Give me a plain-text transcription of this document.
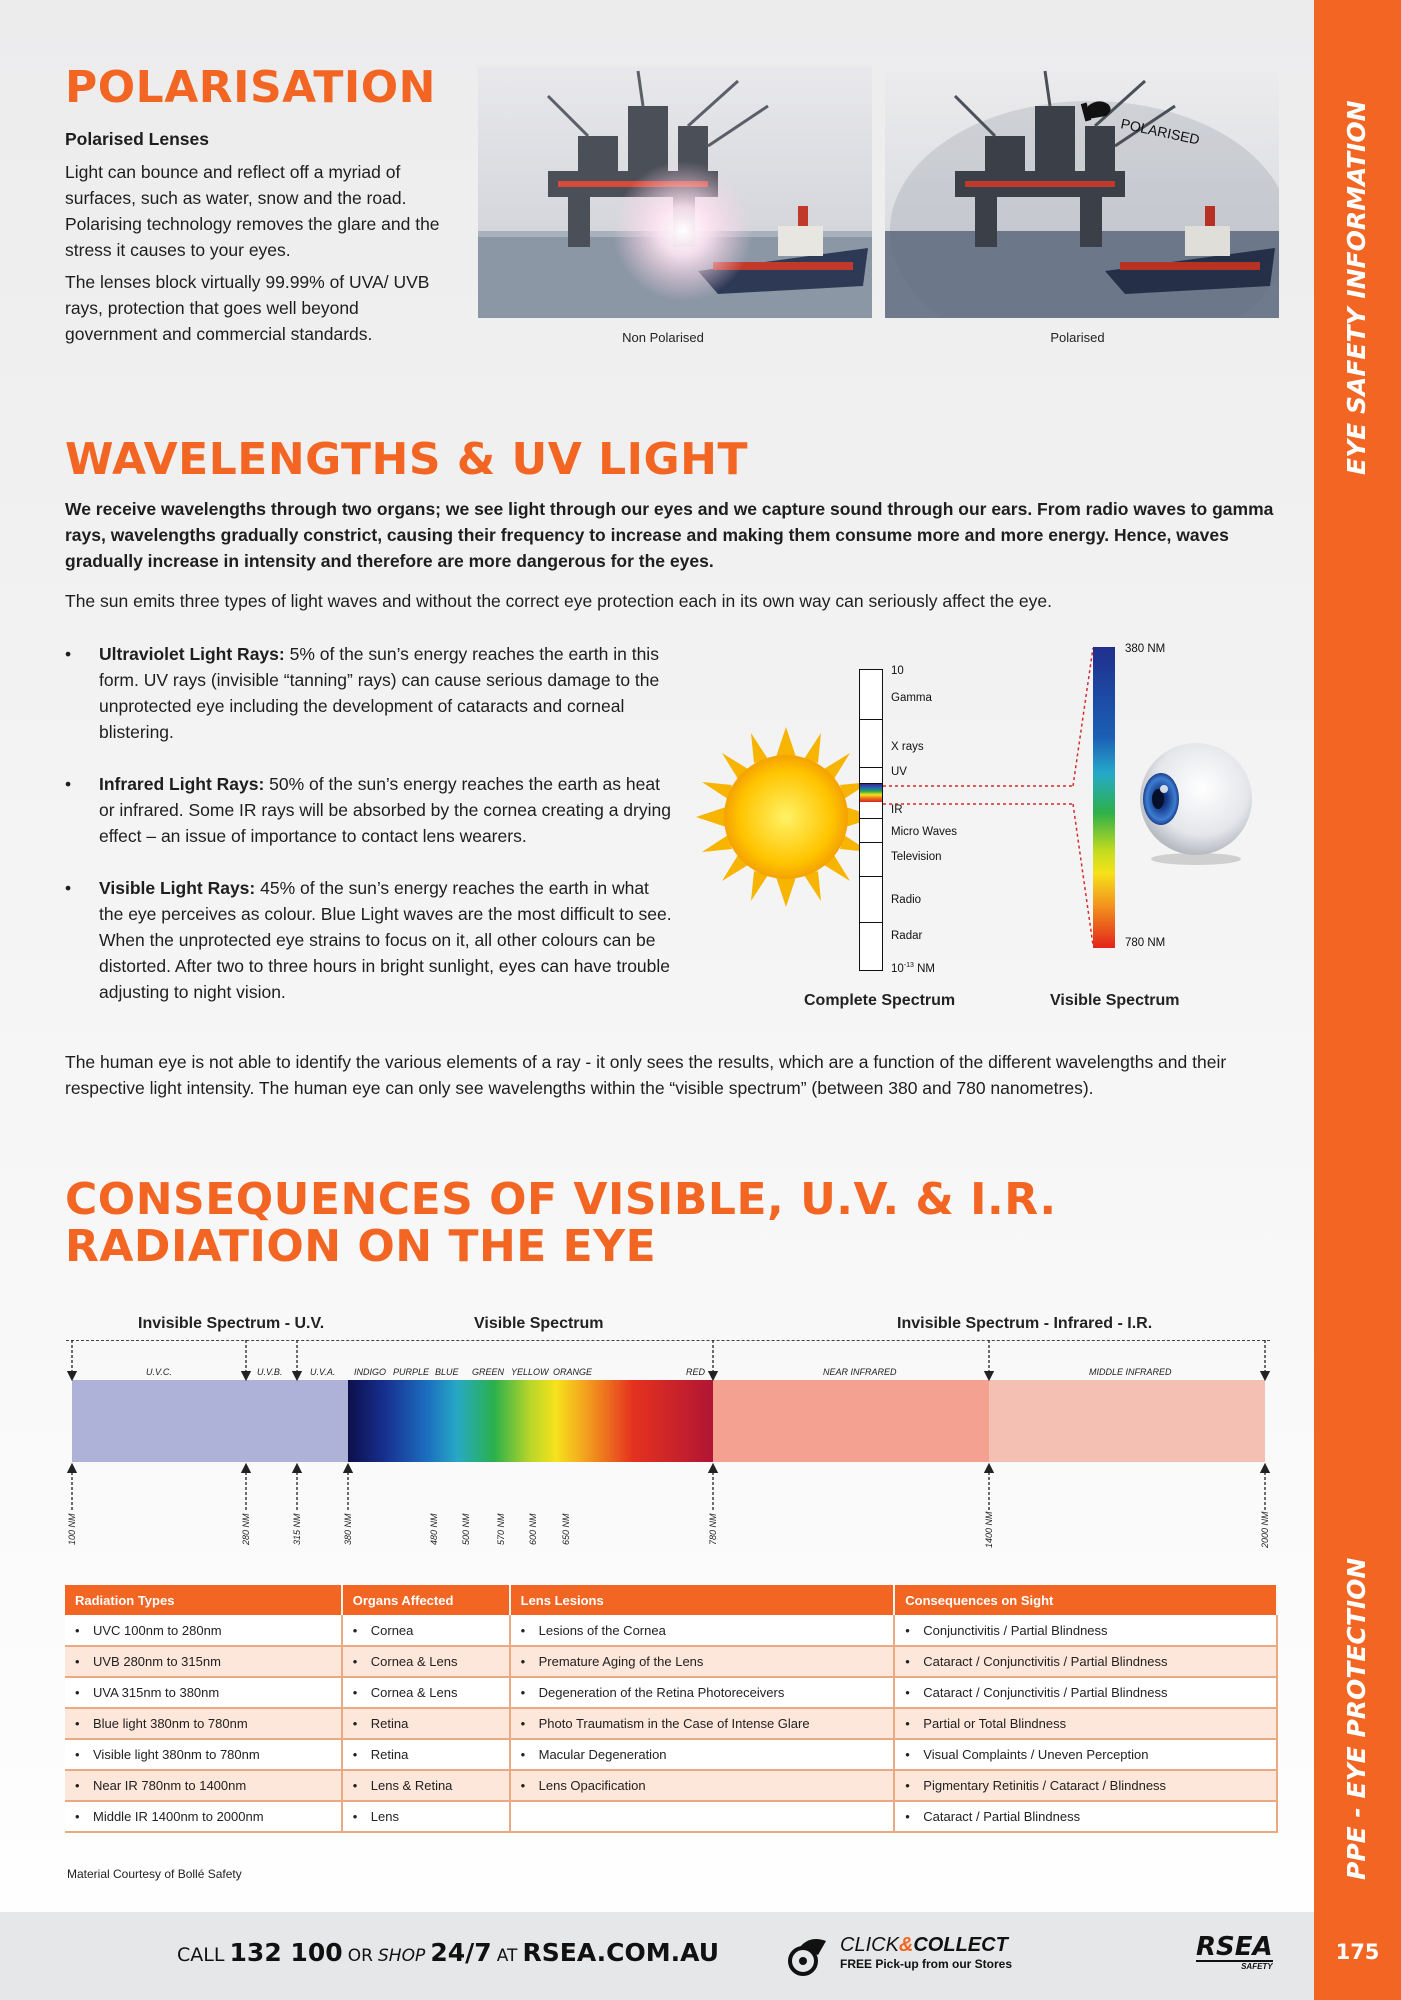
EYE SAFETY INFORMATION
PPE - EYE PROTECTION
175
POLARISATION
Polarised Lenses
Light can bounce and reflect off a myriad of surfaces, such as water, snow and the road. Polarising technology removes the glare and the stress it causes to your eyes.
The lenses block virtually 99.99% of UVA/ UVB rays, protection that goes well beyond government and commercial standards.
POLARISED
Non Polarised	Polarised
WAVELENGTHS & UV LIGHT
We receive wavelengths through two organs; we see light through our eyes and we capture sound through our ears. From radio waves to gamma rays, wavelengths gradually constrict, causing their frequency to increase and making them consume more and more energy. Hence, waves gradually increase in intensity and therefore are more dangerous for the eyes.
The sun emits three types of light waves and without the correct eye protection each in its own way can seriously affect the eye.
• Ultraviolet Light Rays: 5% of the sun’s energy reaches the earth in this form. UV rays (invisible “tanning” rays) can cause serious damage to the unprotected eye including the development of cataracts and corneal blistering.
• Infrared Light Rays: 50% of the sun’s energy reaches the earth as heat or infrared. Some IR rays will be absorbed by the cornea creating a drying effect – an issue of importance to contact lens wearers.
• Visible Light Rays: 45% of the sun’s energy reaches the earth in what the eye perceives as colour. Blue Light waves are the most difficult to see. When the unprotected eye strains to focus on it, all other colours can be distorted. After two to three hours in bright sunlight, eyes can have trouble adjusting to night vision.
10
Gamma
X rays
UV
IR
Micro Waves
Television
Radio
Radar
$10^{-13}$ NM
380 NM
780 NM
Complete Spectrum	Visible Spectrum
The human eye is not able to identify the various elements of a ray - it only sees the results, which are a function of the different wavelengths and their respective light intensity. The human eye can only see wavelengths within the “visible spectrum” (between 380 and 780 nanometres).
CONSEQUENCES OF VISIBLE, U.V. & I.R.
RADIATION ON THE EYE
Invisible Spectrum - U.V.	Visible Spectrum	Invisible Spectrum - Infrared - I.R.
U.V.C.	U.V.B.	U.V.A. INDIGO PURPLE BLUE GREEN YELLOW ORANGE	RED	NEAR INFRARED	MIDDLE INFRARED
100 NM	280 NM	315 NM	380 NM	480 NM 500 NM	570 NM 600 NM	650 NM	780 NM	1400 NM	2000 NM
Radiation Types	Organs Affected	Lens Lesions	Consequences on Sight
• UVC 100nm to 280nm	• Cornea	• Lesions of the Cornea	• Conjunctivitis / Partial Blindness
• UVB 280nm to 315nm	• Cornea & Lens	• Premature Aging of the Lens	• Cataract / Conjunctivitis / Partial Blindness
• UVA 315nm to 380nm	• Cornea & Lens	• Degeneration of the Retina Photoreceivers	• Cataract / Conjunctivitis / Partial Blindness
• Blue light 380nm to 780nm	• Retina	• Photo Traumatism in the Case of Intense Glare	• Partial or Total Blindness
• Visible light 380nm to 780nm	• Retina	• Macular Degeneration	• Visual Complaints / Uneven Perception
• Near IR 780nm to 1400nm	• Lens & Retina	• Lens Opacification	• Pigmentary Retinitis / Cataract / Blindness
• Middle IR 1400nm to 2000nm	• Lens		• Cataract / Partial Blindness
Material Courtesy of Bollé Safety
CALL 132 100 OR SHOP 24/7 AT RSEA.COM.AU	CLICK&COLLECT
FREE Pick-up from our Stores
RSEA
SAFETY
